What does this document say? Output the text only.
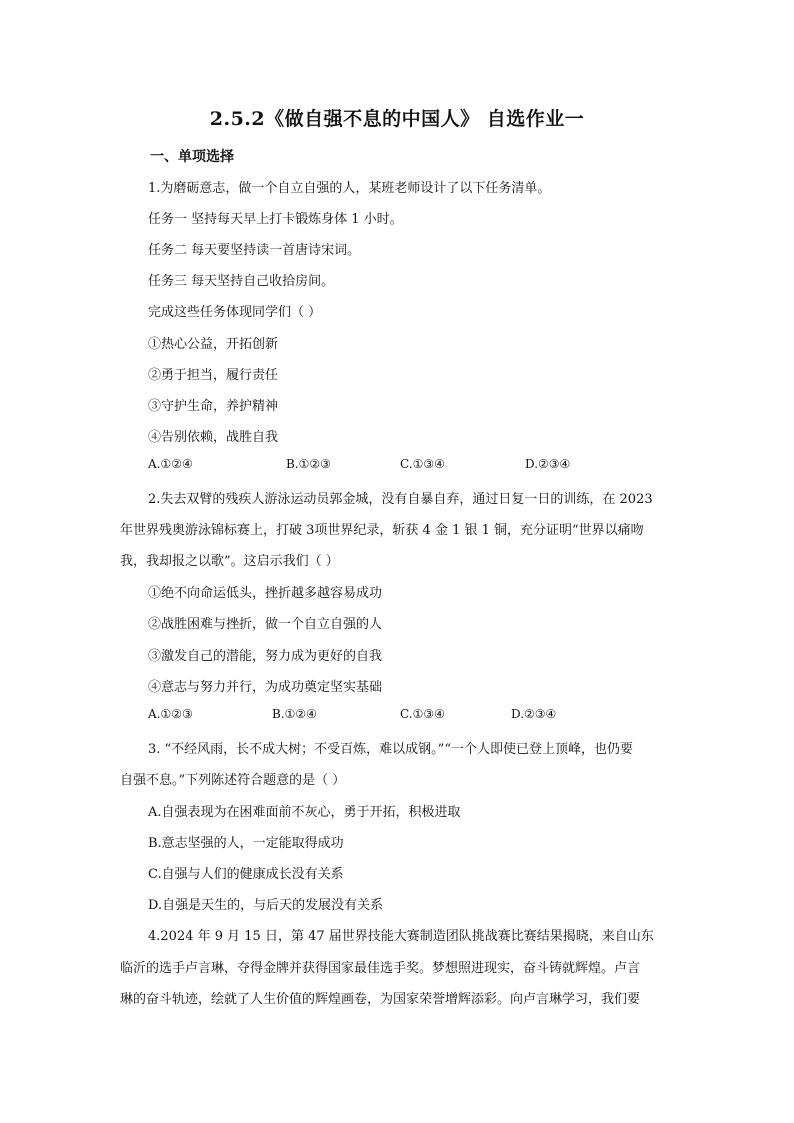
2.5.2《做自强不息的中国人》 自选作业一
一、单项选择
1.为磨砺意志，做一个自立自强的人，某班老师设计了以下任务清单。
任务一 坚持每天早上打卡锻炼身体 1 小时。
任务二 每天要坚持读一首唐诗宋词。
任务三 每天坚持自己收拾房间。
完成这些任务体现同学们（ ）
①热心公益，开拓创新
②勇于担当，履行责任
③守护生命，养护精神
④告别依赖，战胜自我
A.①②④	B.①②③	C.①③④	D.②③④
2.失去双臂的残疾人游泳运动员郭金城，没有自暴自弃，通过日复一日的训练，在 2023
年世界残奥游泳锦标赛上，打破 3项世界纪录，斩获 4 金 1 银 1 铜，充分证明“世界以痛吻
我，我却报之以歌”。这启示我们（ ）
①绝不向命运低头，挫折越多越容易成功
②战胜困难与挫折，做一个自立自强的人
③激发自己的潜能，努力成为更好的自我
④意志与努力并行，为成功奠定坚实基础
A.①②③	B.①②④	C.①③④	D.②③④
3. “不经风雨，长不成大树；不受百炼，难以成钢。”“一个人即使已登上顶峰，也仍要
自强不息。”下列陈述符合题意的是（ ）
A.自强表现为在困难面前不灰心，勇于开拓，积极进取
B.意志坚强的人，一定能取得成功
C.自强与人们的健康成长没有关系
D.自强是天生的，与后天的发展没有关系
4.2024 年 9 月 15 日，第 47 届世界技能大赛制造团队挑战赛比赛结果揭晓，来自山东
临沂的选手卢言琳，夺得金牌并获得国家最佳选手奖。梦想照进现实，奋斗铸就辉煌。卢言
琳的奋斗轨迹，绘就了人生价值的辉煌画卷，为国家荣誉增辉添彩。向卢言琳学习，我们要
